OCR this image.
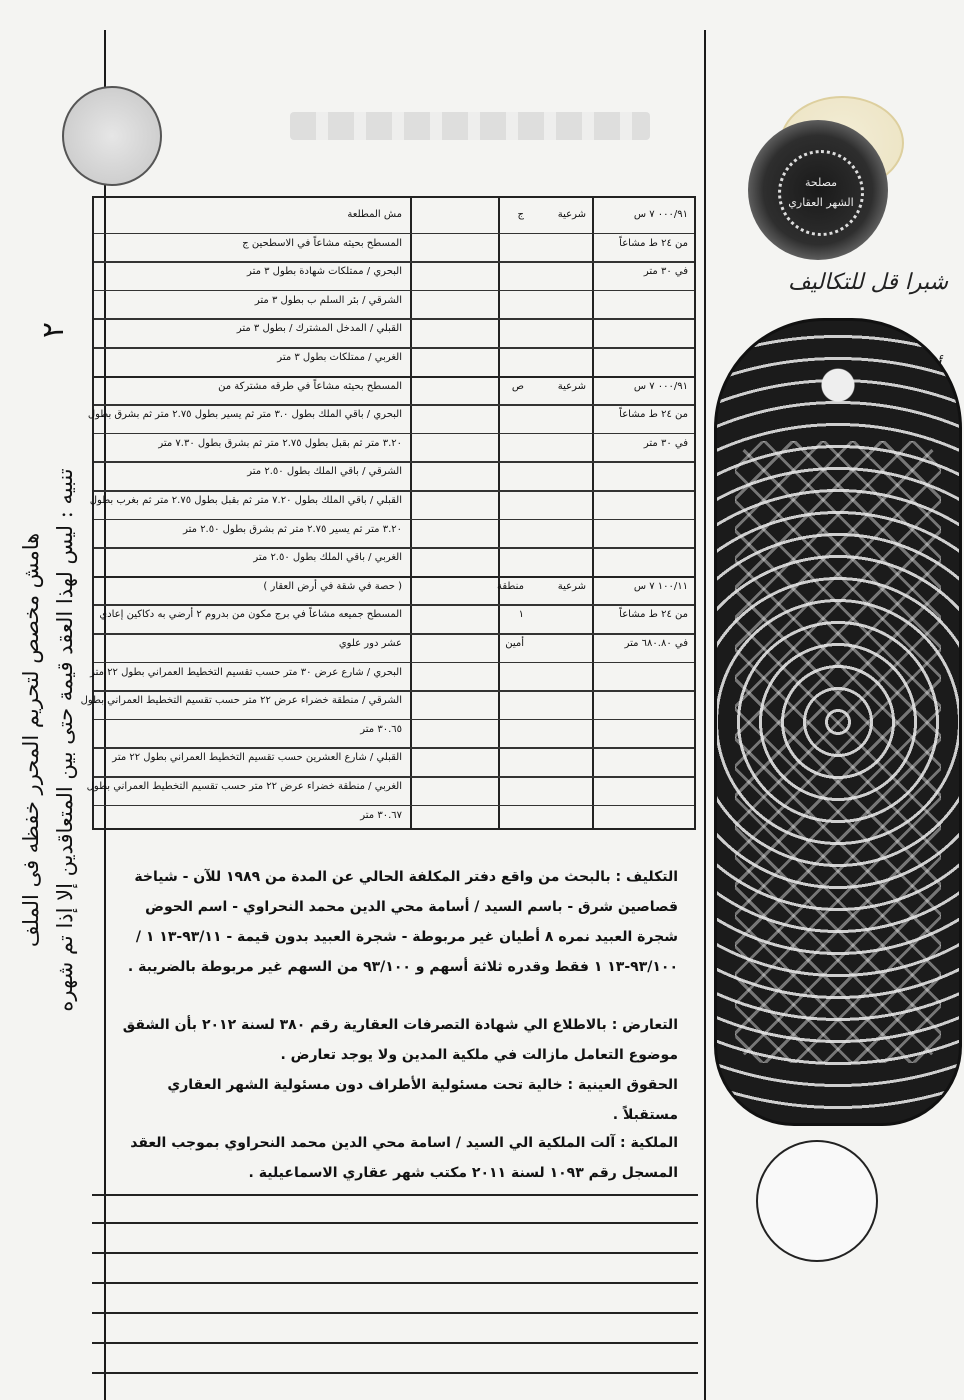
هامش مخصص لتحريم المحرر خفظه فى الملف تنبيه : ليس لهذا العقد قيمة حتى بين المتعاقدين إلا إذا تم شهره
٢
مش المطلعة	ج	شرعية	٠٠٠/٩١ ٧ س
المسطح بحيثه مشاعاً في الاسطحين ج	من ٢٤ ط مشاعاً
البحري / ممتلكات شهادة بطول ٣ متر	في ٣٠ متر
الشرقي / بئر السلم ب بطول ٣ متر
القبلي / المدخل المشترك / بطول ٣ متر
الغربي / ممتلكات بطول ٣ متر
المسطح بحيثه مشاعاً في طرقه مشتركة من	ص	شرعية	٠٠٠/٩١ ٧ س
البحري / باقي الملك بطول ٣.٠ متر ثم يسير بطول ٢.٧٥ متر ثم بشرق بطول	من ٢٤ ط مشاعاً
٣.٢٠ متر ثم بقبل بطول ٢.٧٥ متر ثم بشرق بطول ٧.٣٠ متر	في ٣٠ متر
الشرقي / باقي الملك بطول ٢.٥٠ متر
القبلي / باقي الملك بطول ٧.٢٠ متر ثم بقبل بطول ٢.٧٥ متر ثم بغرب بطول
٣.٢٠ متر ثم يسير ٢.٧٥ متر ثم بشرق بطول ٢.٥٠ متر
الغربي / باقي الملك بطول ٢.٥٠ متر
( حصة في شقة في أرض العقار )	منطقة	شرعية	١٠٠/١١ ٧ س
المسطح جميعه مشاعاً في برج مكون من بدروم ٢ أرضي به دكاكين إعادي	١	من ٢٤ ط مشاعاً
عشر دور علوي	أمين	في ٦٨٠.٨٠ متر
البحري / شارع عرض ٣٠ متر حسب تقسيم التخطيط العمراني بطول ٢٢ متر
الشرقي / منطقة خضراء عرض ٢٢ متر حسب تقسيم التخطيط العمراني بطول
٣٠.٦٥ متر
القبلي / شارع العشرين حسب تقسيم التخطيط العمراني بطول ٢٢ متر
الغربي / منطقة خضراء عرض ٢٢ متر حسب تقسيم التخطيط العمراني بطول
٣٠.٦٧ متر
التكليف : بالبحث من واقع دفتر المكلفة الحالي عن المدة من ١٩٨٩ للآن - شياخة قصاصين شرق - باسم السيد / أسامة محي الدين محمد النحراوي - اسم الحوض شجرة العبيد نمره ٨ أطيان غير مربوطة - شجرة العبيد بدون قيمة - ٩٣/١١-١٣ ١ / ٩٣/١٠٠-١٣ ١ فقط وقدره ثلاثة أسهم و ٩٣/١٠٠ من السهم غير مربوطة بالضريبة .
التعارض : بالاطلاع الي شهادة التصرفات العقارية رقم ٣٨٠ لسنة ٢٠١٢ بأن الشقق موضوع التعامل مازالت في ملكية المدين ولا يوجد تعارض .
الحقوق العينية : خالية تحت مسئولية الأطراف دون مسئولية الشهر العقاري مستقبلاً .
الملكية : آلت الملكية الي السيد / اسامة محي الدين محمد النحراوي بموجب العقد المسجل رقم ١٠٩٣ لسنة ٢٠١١ مكتب شهر عقاري الاسماعيلية .
مصلحة
الشهر العقاري
شبرا قل للتكاليف
